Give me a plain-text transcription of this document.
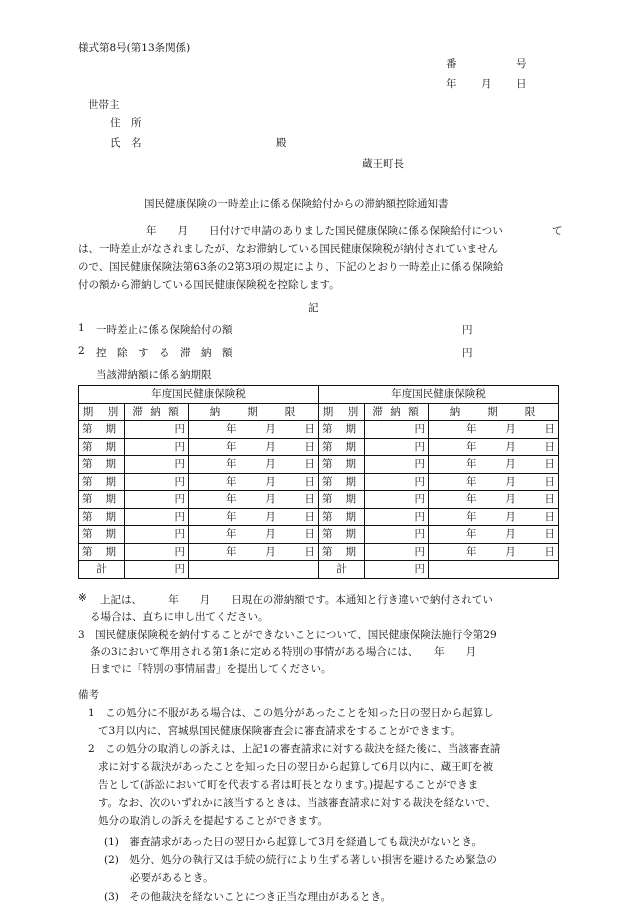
様式第8号(第13条関係)
番	号
年 月 日
世帯主
住　所
氏　名	殿
蔵王町長
国民健康保険の一時差止に係る保険給付からの滞納額控除通知書
年　　月　　日付けで申請のありました国民健康保険に係る保険給付につい	て
は、一時差止がなされましたが、なお滞納している国民健康保険税が納付されていません
ので、国民健康保険法第63条の2第3項の規定により、下記のとおり一時差止に係る保険給
付の額から滞納している国民健康保険税を控除します。
記
1 一時差止に係る保険給付の額	円
2 控　除　す　る　滞　納　額	円
当該滞納額に係る納期限
年度国民健康保険税			年度国民健康保険税		
期　別	滞 納 額	納　　期　　限	期　別	滞 納 額	納　　期　　限

第 期	円	年 月 日	第 期	円	年 月 日

第 期	円	年 月 日	第 期	円	年 月 日

第 期	円	年 月 日	第 期	円	年 月 日

第 期	円	年 月 日	第 期	円	年 月 日

第 期	円	年 月 日	第 期	円	年 月 日

第 期	円	年 月 日	第 期	円	年 月 日

第 期	円	年 月 日	第 期	円	年 月 日

第 期	円	年 月 日	第 期	円	年 月 日

計	円		計	円	
※ 上記は、　　　年　　月　　日現在の滞納額です。本通知と行き違いで納付されてい
る場合は、直ちに申し出てください。
3　国民健康保険税を納付することができないことについて、国民健康保険法施行令第29
条の3において準用される第1条に定める特別の事情がある場合には、　　年　　月
日までに「特別の事情届書」を提出してください。
備考
1　この処分に不服がある場合は、この処分があったことを知った日の翌日から起算し
て3月以内に、宮城県国民健康保険審査会に審査請求をすることができます。
2　この処分の取消しの訴えは、上記1の審査請求に対する裁決を経た後に、当該審査請
求に対する裁決があったことを知った日の翌日から起算して6月以内に、蔵王町を被
告として(訴訟において町を代表する者は町長となります。)提起することができま
す。なお、次のいずれかに該当するときは、当該審査請求に対する裁決を経ないで、
処分の取消しの訴えを提起することができます。
(1)　審査請求があった日の翌日から起算して3月を経過しても裁決がないとき。
(2)　処分、処分の執行又は手続の続行により生ずる著しい損害を避けるため緊急の
必要があるとき。
(3)　その他裁決を経ないことにつき正当な理由があるとき。
